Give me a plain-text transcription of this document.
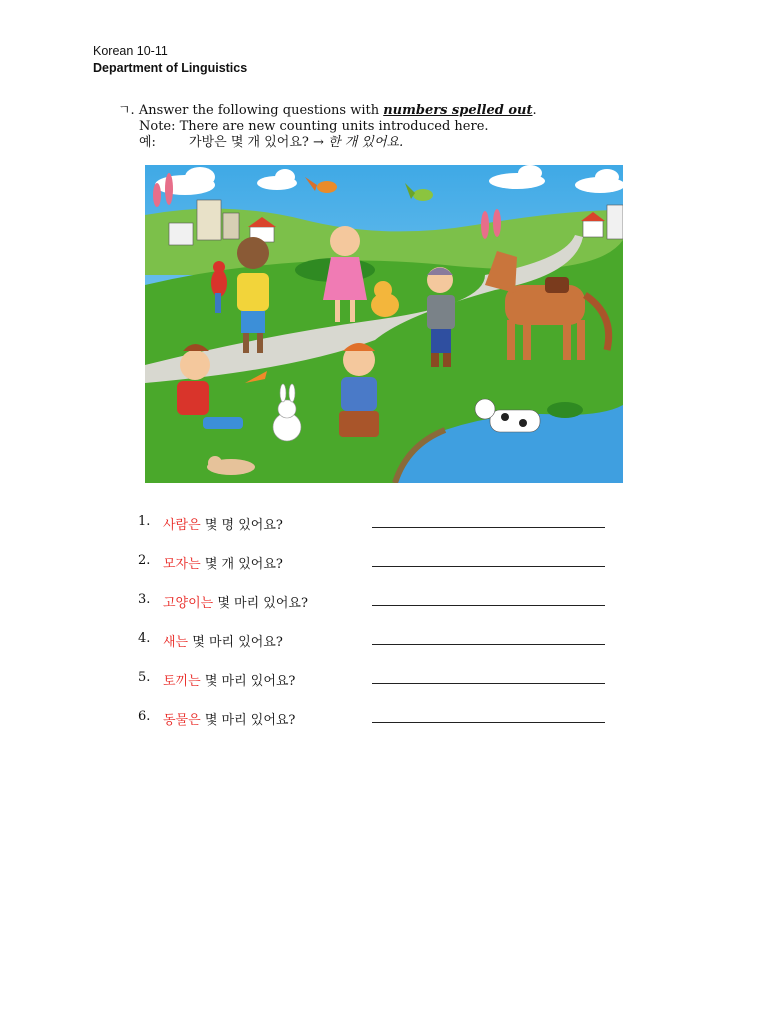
Korean 10-11
Department of Linguistics
ㄱ. Answer the following questions with numbers spelled out.
Note: There are new counting units introduced here.
예:	가방은 몇 개 있어요? → 한 개 있어요.
1. 사람은 몇 명 있어요?
2. 모자는 몇 개 있어요?
3. 고양이는 몇 마리 있어요?
4. 새는 몇 마리 있어요?
5. 토끼는 몇 마리 있어요?
6. 동물은 몇 마리 있어요?
